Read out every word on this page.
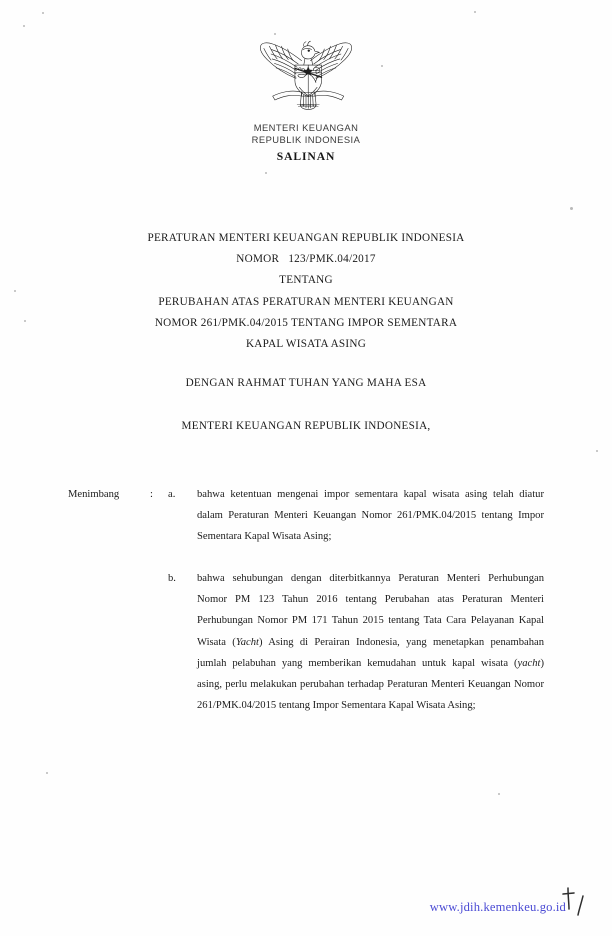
BHINNEKA
MENTERI KEUANGAN
REPUBLIK INDONESIA
SALINAN
PERATURAN MENTERI KEUANGAN REPUBLIK INDONESIA
NOMOR   123/PMK.04/2017
TENTANG
PERUBAHAN ATAS PERATURAN MENTERI KEUANGAN
NOMOR 261/PMK.04/2015 TENTANG IMPOR SEMENTARA
KAPAL WISATA ASING
DENGAN RAHMAT TUHAN YANG MAHA ESA
MENTERI KEUANGAN REPUBLIK INDONESIA,
Menimbang	:	a.	bahwa ketentuan mengenai impor sementara kapal wisata asing telah diatur dalam Peraturan Menteri Keuangan Nomor 261/PMK.04/2015 tentang Impor Sementara Kapal Wisata Asing;
b.	bahwa sehubungan dengan diterbitkannya Peraturan Menteri Perhubungan Nomor PM 123 Tahun 2016 tentang Perubahan atas Peraturan Menteri Perhubungan Nomor PM 171 Tahun 2015 tentang Tata Cara Pelayanan Kapal Wisata (Yacht) Asing di Perairan Indonesia, yang menetapkan penambahan jumlah pelabuhan yang memberikan kemudahan untuk kapal wisata (yacht) asing, perlu melakukan perubahan terhadap Peraturan Menteri Keuangan Nomor 261/PMK.04/2015 tentang Impor Sementara Kapal Wisata Asing;
www.jdih.kemenkeu.go.id
